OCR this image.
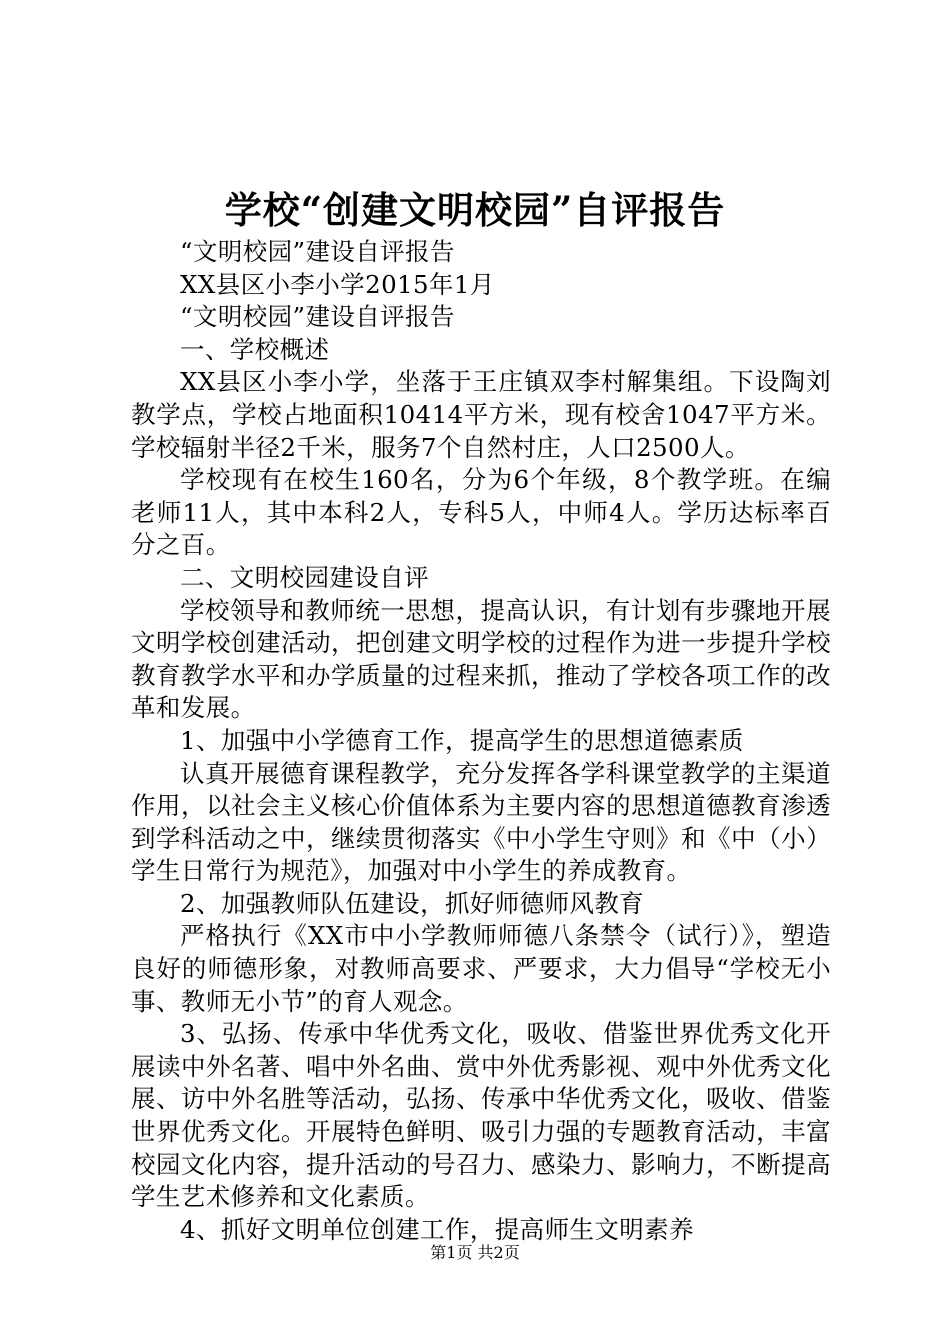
学校“创建文明校园”自评报告

“文明校园”建设自评报告

XX县区小李小学2015年1月

“文明校园”建设自评报告

一、学校概述

XX县区小李小学，坐落于王庄镇双李村解集组。下设陶刘教学点，学校占地面积10414平方米，现有校舍1047平方米。学校辐射半径2千米，服务7个自然村庄，人口2500人。

学校现有在校生160名，分为6个年级，8个教学班。在编老师11人，其中本科2人，专科5人，中师4人。学历达标率百分之百。

二、文明校园建设自评

学校领导和教师统一思想，提高认识，有计划有步骤地开展文明学校创建活动，把创建文明学校的过程作为进一步提升学校教育教学水平和办学质量的过程来抓，推动了学校各项工作的改革和发展。

1、加强中小学德育工作，提高学生的思想道德素质

认真开展德育课程教学，充分发挥各学科课堂教学的主渠道作用，以社会主义核心价值体系为主要内容的思想道德教育渗透到学科活动之中，继续贯彻落实《中小学生守则》和《中（小）学生日常行为规范》，加强对中小学生的养成教育。

2、加强教师队伍建设，抓好师德师风教育

严格执行《XX市中小学教师师德八条禁令（试行）》，塑造良好的师德形象，对教师高要求、严要求，大力倡导“学校无小事、教师无小节”的育人观念。

3、弘扬、传承中华优秀文化，吸收、借鉴世界优秀文化开展读中外名著、唱中外名曲、赏中外优秀影视、观中外优秀文化展、访中外名胜等活动，弘扬、传承中华优秀文化，吸收、借鉴世界优秀文化。开展特色鲜明、吸引力强的专题教育活动，丰富校园文化内容，提升活动的号召力、感染力、影响力，不断提高学生艺术修养和文化素质。

4、抓好文明单位创建工作，提高师生文明素养

第1页 共2页
